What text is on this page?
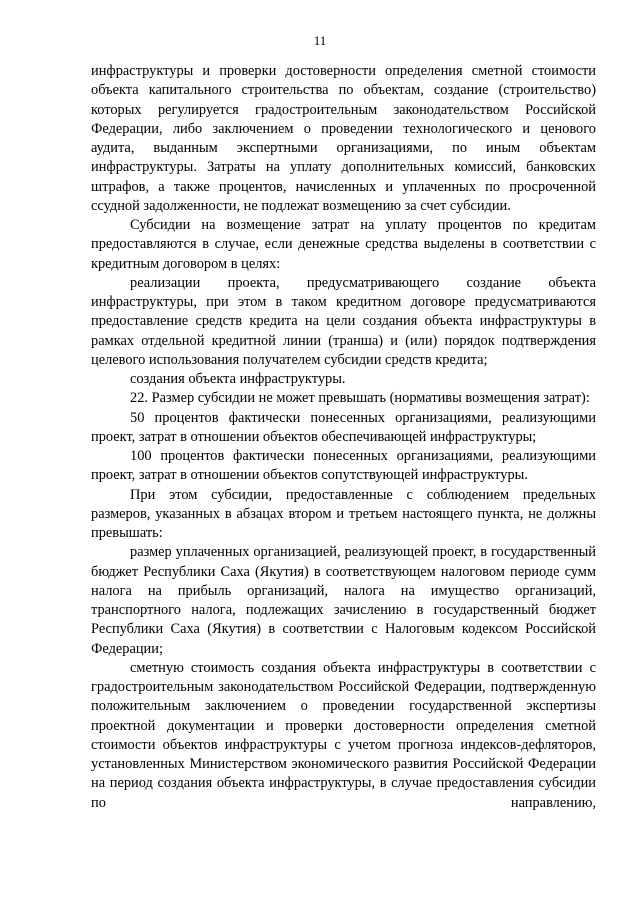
11

инфраструктуры и проверки достоверности определения сметной стоимости объекта капитального строительства по объектам, создание (строительство) которых регулируется градостроительным законодательством Российской Федерации, либо заключением о проведении технологического и ценового аудита, выданным экспертными организациями, по иным объектам инфраструктуры. Затраты на уплату дополнительных комиссий, банковских штрафов, а также процентов, начисленных и уплаченных по просроченной ссудной задолженности, не подлежат возмещению за счет субсидии.

Субсидии на возмещение затрат на уплату процентов по кредитам предоставляются в случае, если денежные средства выделены в соответствии с кредитным договором в целях:

реализации проекта, предусматривающего создание объекта инфраструктуры, при этом в таком кредитном договоре предусматриваются предоставление средств кредита на цели создания объекта инфраструктуры в рамках отдельной кредитной линии (транша) и (или) порядок подтверждения целевого использования получателем субсидии средств кредита;

создания объекта инфраструктуры.

22. Размер субсидии не может превышать (нормативы возмещения затрат):

50 процентов фактически понесенных организациями, реализующими проект, затрат в отношении объектов обеспечивающей инфраструктуры;

100 процентов фактически понесенных организациями, реализующими проект, затрат в отношении объектов сопутствующей инфраструктуры.

При этом субсидии, предоставленные с соблюдением предельных размеров, указанных в абзацах втором и третьем настоящего пункта, не должны превышать:

размер уплаченных организацией, реализующей проект, в государственный бюджет Республики Саха (Якутия) в соответствующем налоговом периоде сумм налога на прибыль организаций, налога на имущество организаций, транспортного налога, подлежащих зачислению в государственный бюджет Республики Саха (Якутия) в соответствии с Налоговым кодексом Российской Федерации;

сметную стоимость создания объекта инфраструктуры в соответствии с градостроительным законодательством Российской Федерации, подтвержденную положительным заключением о проведении государственной экспертизы проектной документации и проверки достоверности определения сметной стоимости объектов инфраструктуры с учетом прогноза индексов-дефляторов, установленных Министерством экономического развития Российской Федерации на период создания объекта инфраструктуры, в случае предоставления субсидии по направлению,
